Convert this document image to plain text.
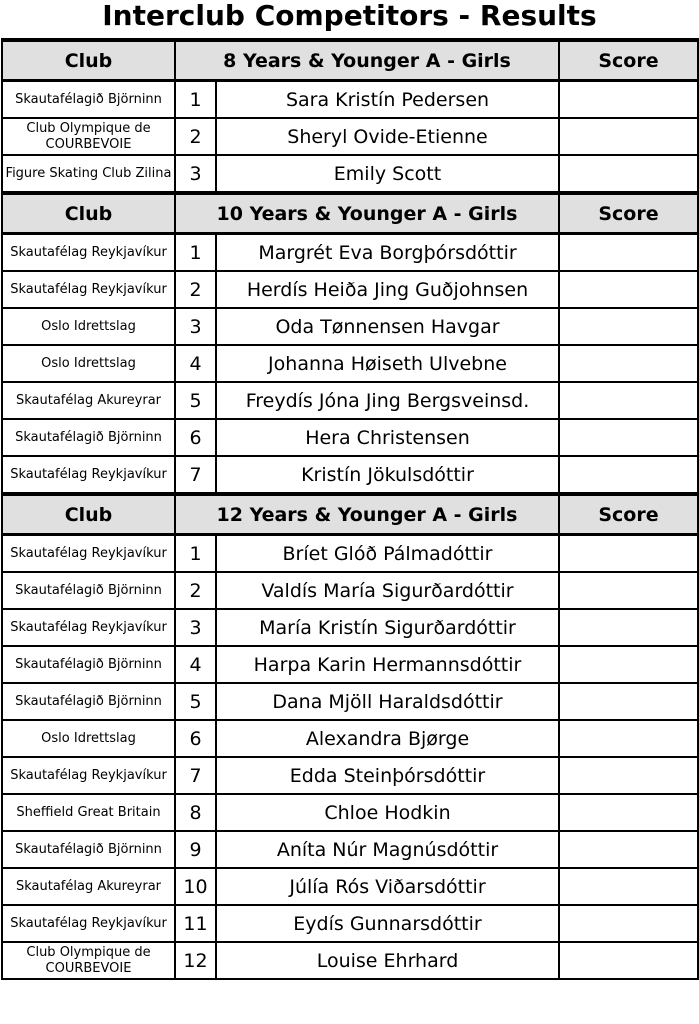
Interclub Competitors - Results
Club	8 Years & Younger A - Girls		Score
Skautafélagið Björninn	1	Sara Kristín Pedersen	
Club Olympique de COURBEVOIE	2	Sheryl Ovide-Etienne	
Figure Skating Club Zilina	3	Emily Scott	
Club	10 Years & Younger A - Girls		Score
Skautafélag Reykjavíkur	1	Margrét Eva Borgþórsdóttir	
Skautafélag Reykjavíkur	2	Herdís Heiða Jing Guðjohnsen	
Oslo Idrettslag	3	Oda Tønnensen Havgar	
Oslo Idrettslag	4	Johanna Høiseth Ulvebne	
Skautafélag Akureyrar	5	Freydís Jóna Jing Bergsveinsd.	
Skautafélagið Björninn	6	Hera Christensen	
Skautafélag Reykjavíkur	7	Kristín Jökulsdóttir	
Club	12 Years & Younger A - Girls		Score
Skautafélag Reykjavíkur	1	Bríet Glóð Pálmadóttir	
Skautafélagið Björninn	2	Valdís María Sigurðardóttir	
Skautafélag Reykjavíkur	3	María Kristín Sigurðardóttir	
Skautafélagið Björninn	4	Harpa Karin Hermannsdóttir	
Skautafélagið Björninn	5	Dana Mjöll Haraldsdóttir	
Oslo Idrettslag	6	Alexandra Bjørge	
Skautafélag Reykjavíkur	7	Edda Steinþórsdóttir	
Sheffield Great Britain	8	Chloe Hodkin	
Skautafélagið Björninn	9	Aníta Núr Magnúsdóttir	
Skautafélag Akureyrar	10	Júlía Rós Viðarsdóttir	
Skautafélag Reykjavíkur	11	Eydís Gunnarsdóttir	
Club Olympique de COURBEVOIE	12	Louise Ehrhard	
